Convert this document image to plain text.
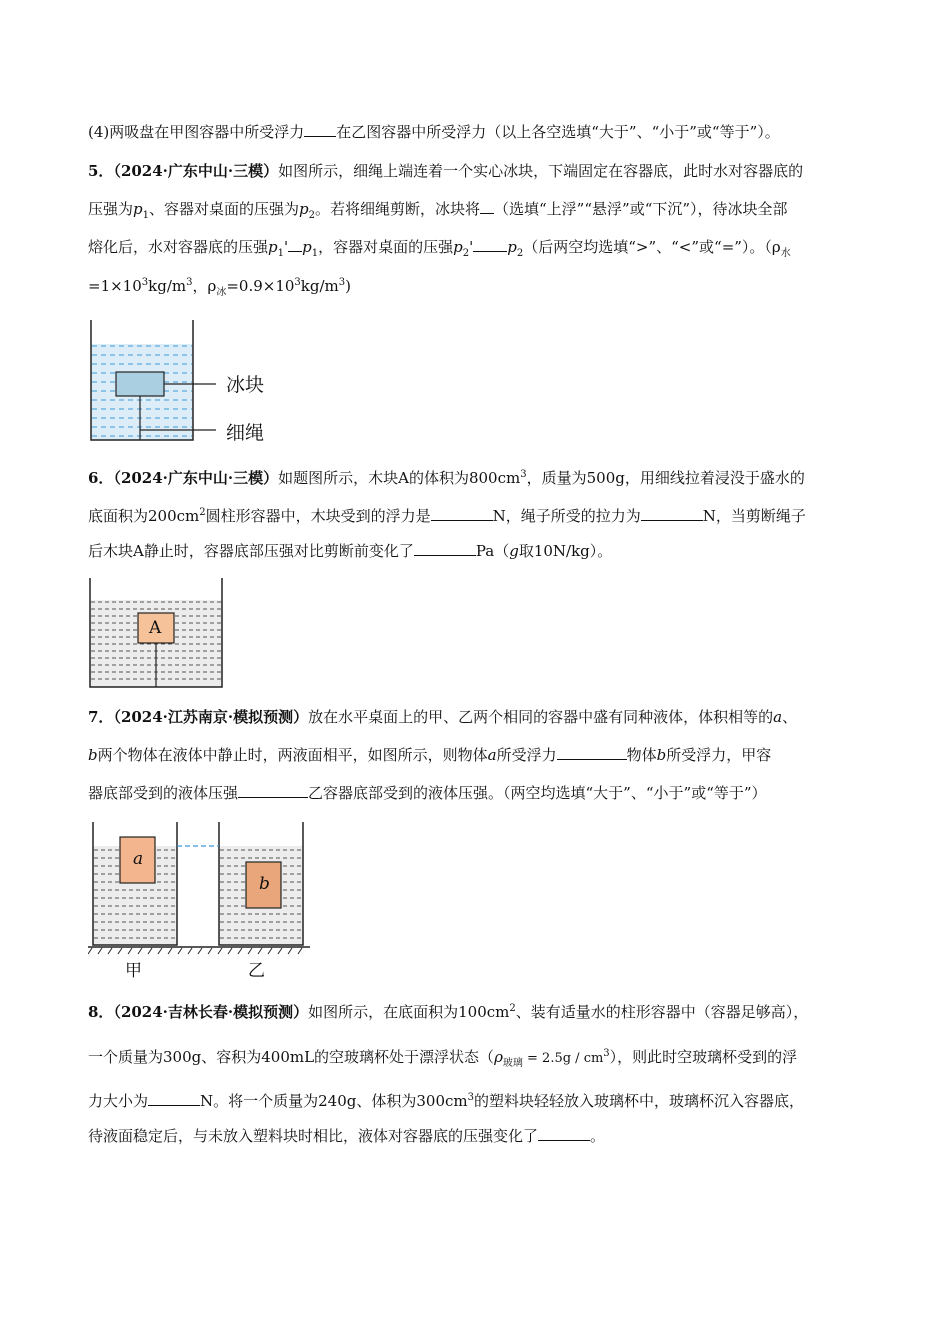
(4)两吸盘在甲图容器中所受浮力 在乙图容器中所受浮力（以上各空选填“大于”、“小于”或“等于”）。
5．（2024·广东中山·三模）如图所示，细绳上端连着一个实心冰块，下端固定在容器底，此时水对容器底的
压强为$p_1$、容器对桌面的压强为$p_2$。若将细绳剪断，冰块将 （选填“上浮”“悬浮”或“下沉”），待冰块全部
熔化后，水对容器底的压强$p_1'$ $p_1$，容器对桌面的压强$p_2'$ $p_2$（后两空均选填“>”、“<”或“=”）。（$\rho_水$
$=1\times 10^3kg/m^3$，$\rho_冰=0.9\times 10^3kg/m^3$)
冰块
细绳
6．（2024·广东中山·三模）如题图所示，木块A的体积为$800cm^3$，质量为500g，用细线拉着浸没于盛水的
底面积为$200cm^2$圆柱形容器中，木块受到的浮力是	N，绳子所受的拉力为	N，当剪断绳子
后木块A静止时，容器底部压强对比剪断前变化了	Pa（g取10N/kg）。
A
7．（2024·江苏南京·模拟预测）放在水平桌面上的甲、乙两个相同的容器中盛有同种液体，体积相等的a、
b两个物体在液体中静止时，两液面相平，如图所示，则物体a所受浮力	物体b所受浮力，甲容
器底部受到的液体压强	乙容器底部受到的液体压强。（两空均选填“大于”、“小于”或“等于”）
a
b
甲	乙
8．（2024·吉林长春·模拟预测）如图所示，在底面积为$100cm^2$、装有适量水的柱形容器中（容器足够高），
一个质量为300g、容积为400mL的空玻璃杯处于漂浮状态$(\rho_{玻璃} = 2.5g / cm^3)$，则此时空玻璃杯受到的浮
力大小为	N。将一个质量为240g、体积为$300cm^3$的塑料块轻轻放入玻璃杯中，玻璃杯沉入容器底，
待液面稳定后，与未放入塑料块时相比，液体对容器底的压强变化了	。
